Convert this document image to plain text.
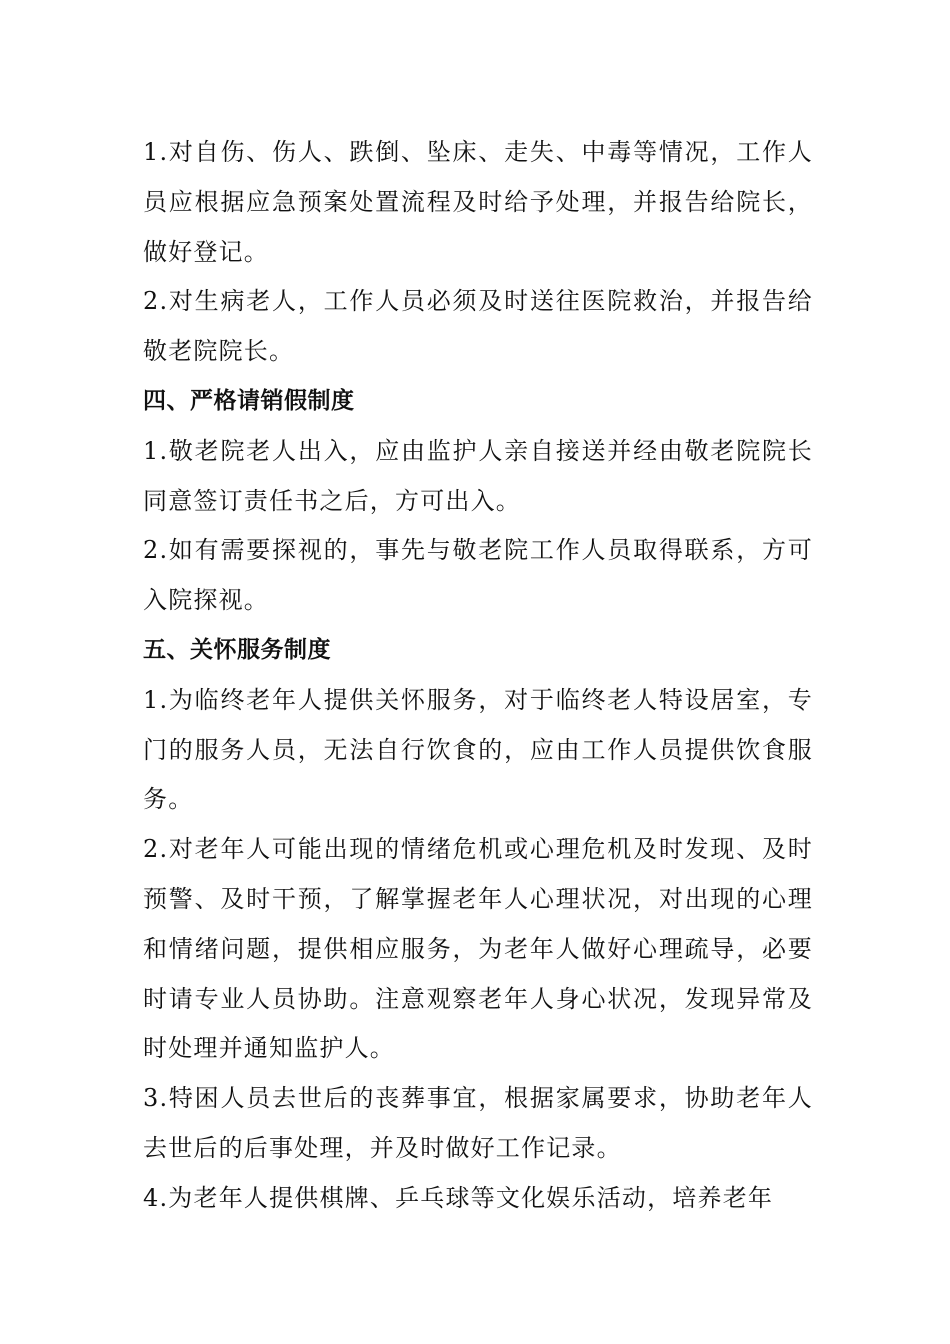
1.对自伤、伤人、跌倒、坠床、走失、中毒等情况，工作人员应根据应急预案处置流程及时给予处理，并报告给院长，做好登记。

2.对生病老人，工作人员必须及时送往医院救治，并报告给敬老院院长。

四、严格请销假制度

1.敬老院老人出入，应由监护人亲自接送并经由敬老院院长同意签订责任书之后，方可出入。

2.如有需要探视的，事先与敬老院工作人员取得联系，方可入院探视。

五、关怀服务制度

1.为临终老年人提供关怀服务，对于临终老人特设居室，专门的服务人员，无法自行饮食的，应由工作人员提供饮食服务。

2.对老年人可能出现的情绪危机或心理危机及时发现、及时预警、及时干预，了解掌握老年人心理状况，对出现的心理和情绪问题，提供相应服务，为老年人做好心理疏导，必要时请专业人员协助。注意观察老年人身心状况，发现异常及时处理并通知监护人。

3.特困人员去世后的丧葬事宜，根据家属要求，协助老年人去世后的后事处理，并及时做好工作记录。

4.为老年人提供棋牌、乒乓球等文化娱乐活动，培养老年
